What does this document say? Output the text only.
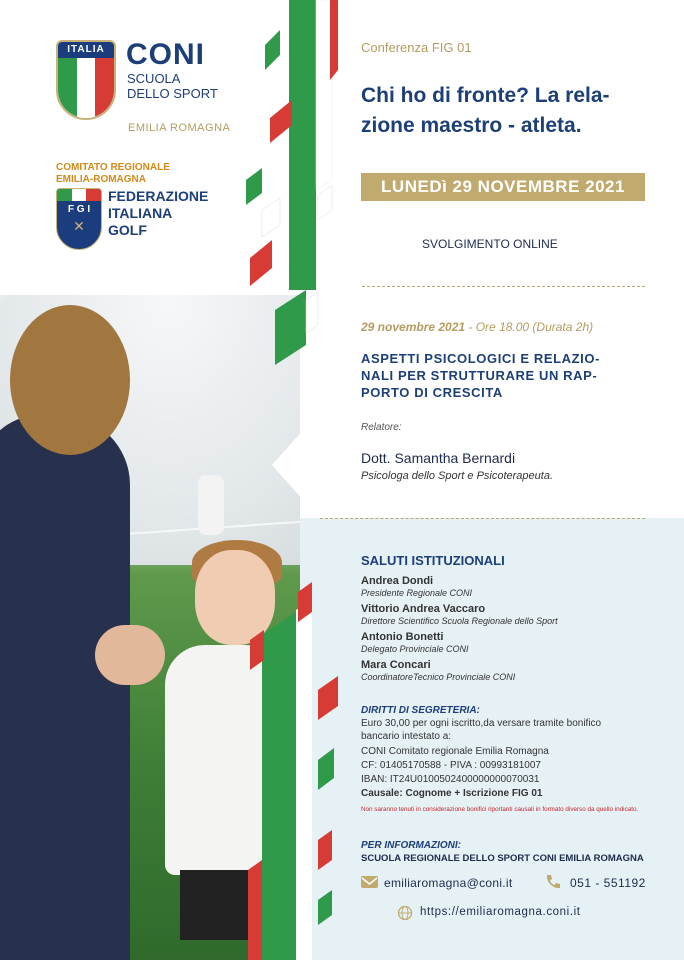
ITALIA CONI
SCUOLA
DELLO SPORT
EMILIA ROMAGNA
COMITATO REGIONALE
EMILIA-ROMAGNA
F G I
✕
FEDERAZIONE
ITALIANA
GOLF
Conferenza FIG 01
Chi ho di fronte? La rela-
zione maestro - atleta.
LUNEDì 29 NOVEMBRE 2021
SVOLGIMENTO ONLINE
29 novembre 2021 - Ore 18.00 (Durata 2h)
ASPETTI PSICOLOGICI E RELAZIO-
NALI PER STRUTTURARE UN RAP-
PORTO DI CRESCITA
Relatore:
Dott. Samantha Bernardi
Psicologa dello Sport e Psicoterapeuta.
SALUTI ISTITUZIONALI
Andrea Dondi
Presidente Regionale CONI
Vittorio Andrea Vaccaro
Direttore Scientifico Scuola Regionale dello Sport
Antonio Bonetti
Delegato Provinciale CONI
Mara Concari
CoordinatoreTecnico Provinciale CONI
DIRITTI DI SEGRETERIA:
Euro 30,00 per ogni iscritto,da versare tramite bonifico
bancario intestato a:
CONI Comitato regionale Emilia Romagna
CF: 01405170588 - PIVA : 00993181007
IBAN: IT24U0100502400000000070031
Causale: Cognome + Iscrizione FIG 01
Non saranno tenuti in considerazione bonifici riportanti causali in formato diverso da quello indicato.
PER INFORMAZIONI:
SCUOLA REGIONALE DELLO SPORT CONI EMILIA ROMAGNA
emiliaromagna@coni.it	051 - 551192
https://emiliaromagna.coni.it
